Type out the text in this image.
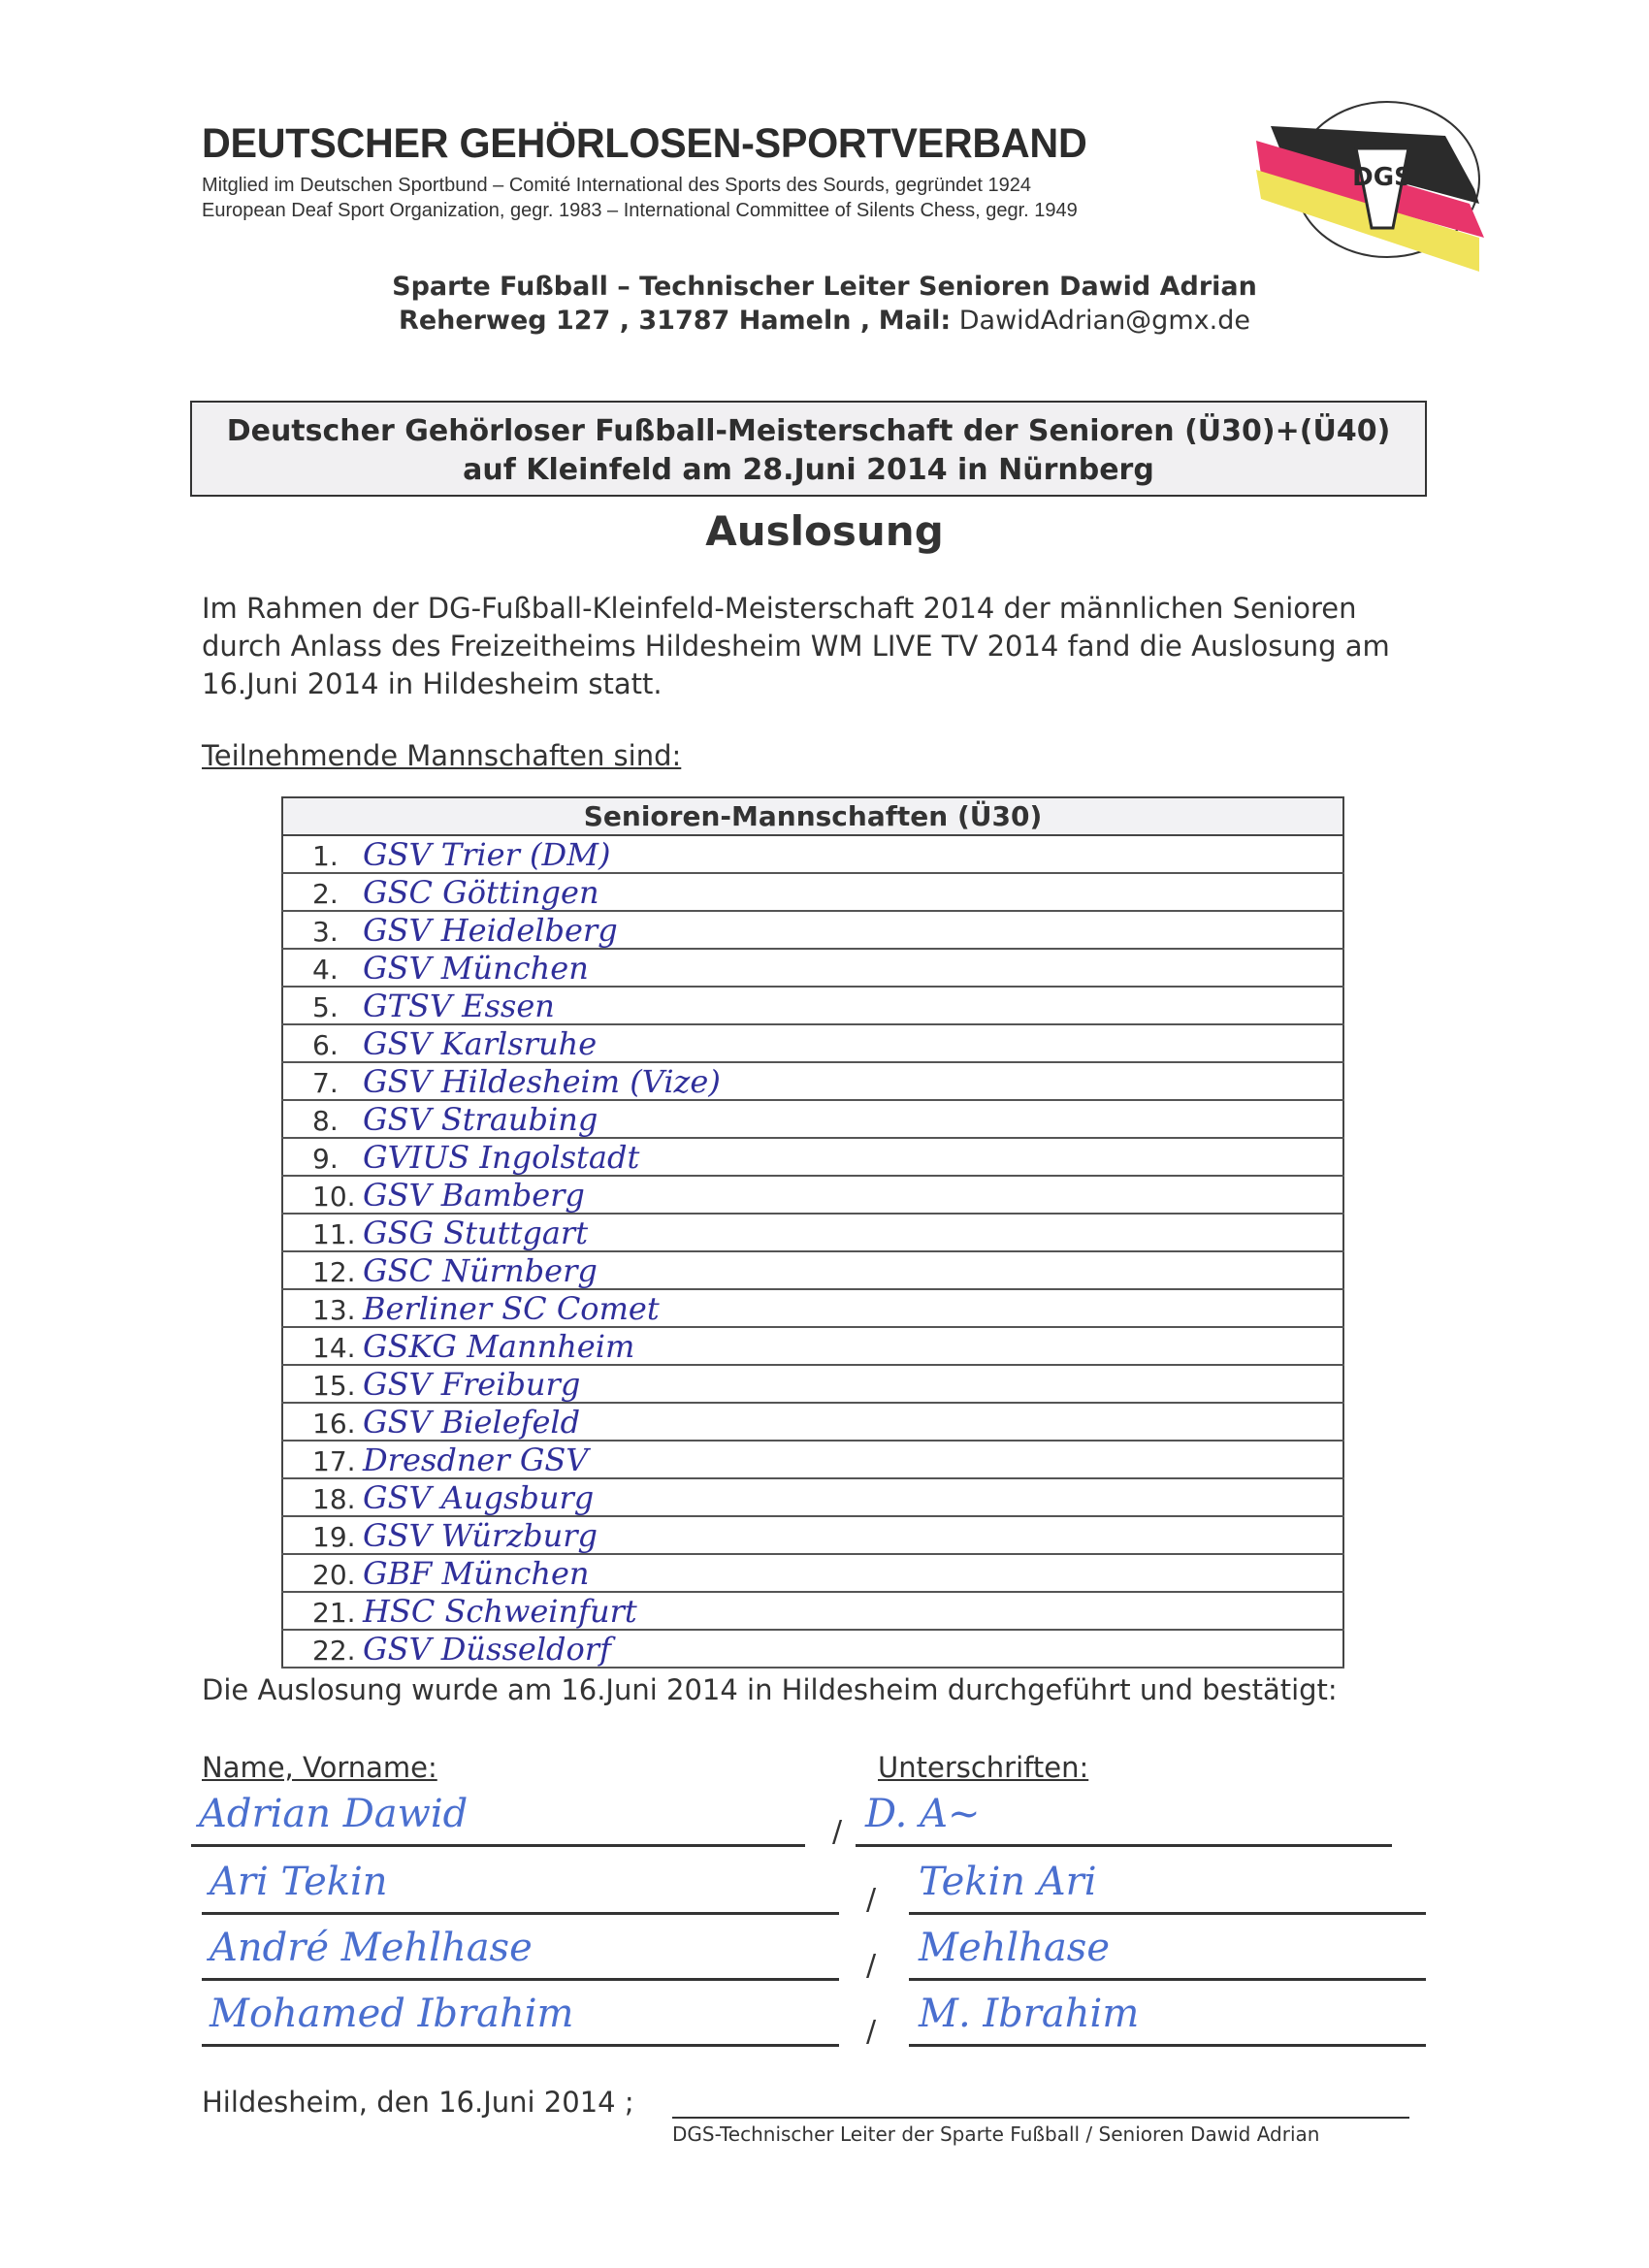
DEUTSCHER GEHÖRLOSEN-SPORTVERBAND
Mitglied im Deutschen Sportbund – Comité International des Sports des Sourds, gegründet 1924
European Deaf Sport Organization, gegr. 1983 – International Committee of Silents Chess, gegr. 1949
DGS
Sparte Fußball – Technischer Leiter Senioren Dawid Adrian
Reherweg 127 , 31787 Hameln , Mail: DawidAdrian@gmx.de
Deutscher Gehörloser Fußball-Meisterschaft der Senioren (Ü30)+(Ü40)
auf Kleinfeld am 28.Juni 2014 in Nürnberg
Auslosung
Im Rahmen der DG-Fußball-Kleinfeld-Meisterschaft 2014 der männlichen Senioren durch Anlass des Freizeitheims Hildesheim WM LIVE TV 2014 fand die Auslosung am 16.Juni 2014 in Hildesheim statt.
Teilnehmende Mannschaften sind:
Senioren-Mannschaften (Ü30)
1. GSV Trier (DM)
2. GSC Göttingen
3. GSV Heidelberg
4. GSV München
5. GTSV Essen
6. GSV Karlsruhe
7. GSV Hildesheim (Vize)
8. GSV Straubing
9. GVIUS Ingolstadt
10. GSV Bamberg
11. GSG Stuttgart
12. GSC Nürnberg
13. Berliner SC Comet
14. GSKG Mannheim
15. GSV Freiburg
16. GSV Bielefeld
17. Dresdner GSV
18. GSV Augsburg
19. GSV Würzburg
20. GBF München
21. HSC Schweinfurt
22. GSV Düsseldorf
Die Auslosung wurde am 16.Juni 2014 in Hildesheim durchgeführt und bestätigt:
Name, Vorname:	Unterschriften:
Adrian Dawid	/ D. A~
Ari Tekin	/ Tekin Ari
André Mehlhase	/ Mehlhase
Mohamed Ibrahim	/ M. Ibrahim
Hildesheim, den 16.Juni 2014 ;
DGS-Technischer Leiter der Sparte Fußball / Senioren Dawid Adrian
